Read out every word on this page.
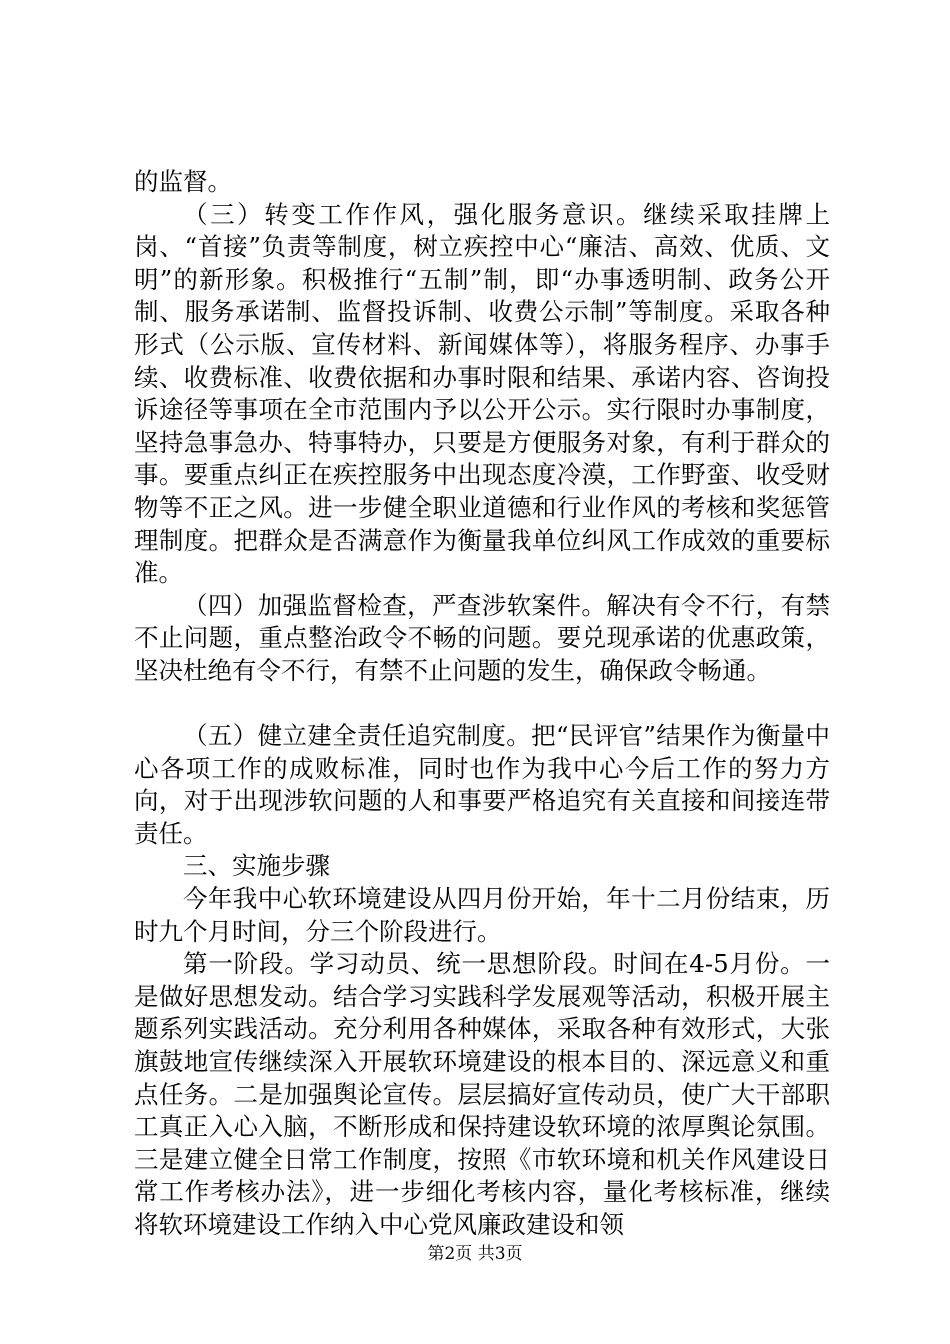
的监督。

（三）转变工作作风，强化服务意识。继续采取挂牌上岗、“首接”负责等制度，树立疾控中心“廉洁、高效、优质、文明”的新形象。积极推行“五制”制，即“办事透明制、政务公开制、服务承诺制、监督投诉制、收费公示制”等制度。采取各种形式（公示版、宣传材料、新闻媒体等），将服务程序、办事手续、收费标准、收费依据和办事时限和结果、承诺内容、咨询投诉途径等事项在全市范围内予以公开公示。实行限时办事制度，坚持急事急办、特事特办，只要是方便服务对象，有利于群众的事。要重点纠正在疾控服务中出现态度冷漠，工作野蛮、收受财物等不正之风。进一步健全职业道德和行业作风的考核和奖惩管理制度。把群众是否满意作为衡量我单位纠风工作成效的重要标准。

（四）加强监督检查，严查涉软案件。解决有令不行，有禁不止问题，重点整治政令不畅的问题。要兑现承诺的优惠政策，坚决杜绝有令不行，有禁不止问题的发生，确保政令畅通。

（五）健立建全责任追究制度。把“民评官”结果作为衡量中心各项工作的成败标准，同时也作为我中心今后工作的努力方向，对于出现涉软问题的人和事要严格追究有关直接和间接连带责任。

三、实施步骤

今年我中心软环境建设从四月份开始，年十二月份结束，历时九个月时间，分三个阶段进行。

第一阶段。学习动员、统一思想阶段。时间在4-5月份。一是做好思想发动。结合学习实践科学发展观等活动，积极开展主题系列实践活动。充分利用各种媒体，采取各种有效形式，大张旗鼓地宣传继续深入开展软环境建设的根本目的、深远意义和重点任务。二是加强舆论宣传。层层搞好宣传动员，使广大干部职工真正入心入脑，不断形成和保持建设软环境的浓厚舆论氛围。三是建立健全日常工作制度，按照《市软环境和机关作风建设日常工作考核办法》，进一步细化考核内容，量化考核标准，继续将软环境建设工作纳入中心党风廉政建设和领

第2页 共3页
